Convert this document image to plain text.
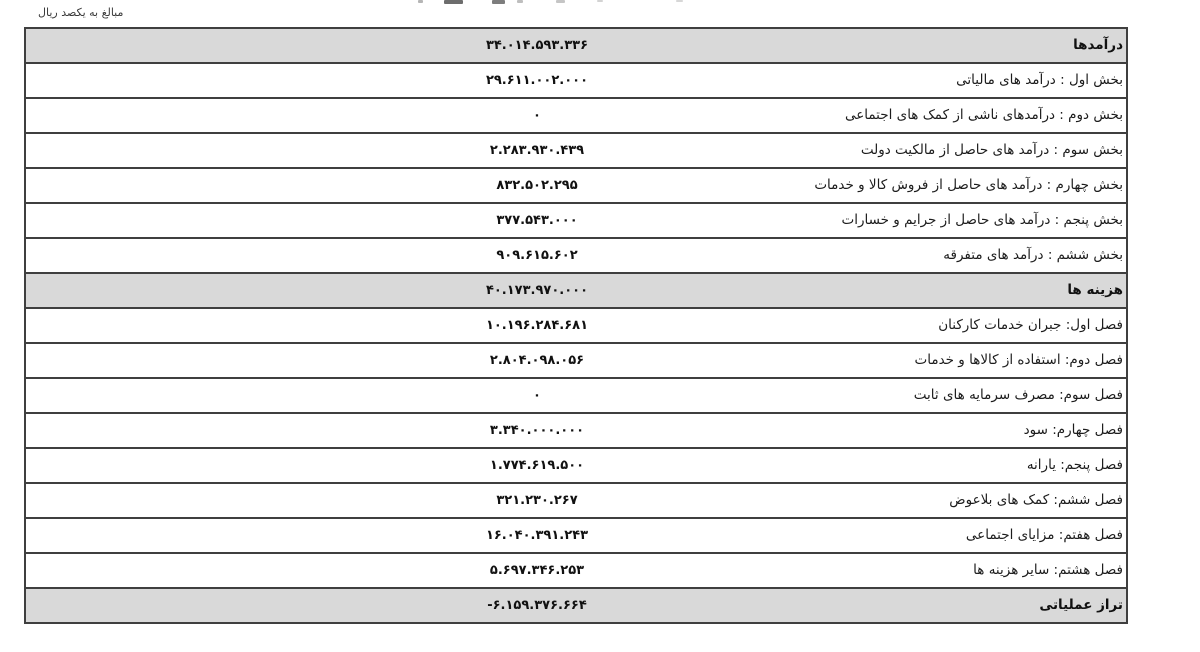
مبالغ به یکصد ریال
۳۴.۰۱۴.۵۹۳.۳۳۶	درآمدها
۲۹.۶۱۱.۰۰۲.۰۰۰	بخش اول : درآمد های مالیاتی
۰	بخش دوم : درآمدهای ناشی از کمک های اجتماعی
۲.۲۸۳.۹۳۰.۴۳۹	بخش سوم : درآمد های حاصل از مالکیت دولت
۸۳۲.۵۰۲.۲۹۵	بخش چهارم : درآمد های حاصل از فروش کالا و خدمات
۳۷۷.۵۴۳.۰۰۰	بخش پنجم : درآمد های حاصل از جرایم و خسارات
۹۰۹.۶۱۵.۶۰۲	بخش ششم : درآمد های متفرقه
۴۰.۱۷۳.۹۷۰.۰۰۰	هزینه ها
۱۰.۱۹۶.۲۸۴.۶۸۱	فصل اول: جبران خدمات کارکنان
۲.۸۰۴.۰۹۸.۰۵۶	فصل دوم: استفاده از کالاها و خدمات
۰	فصل سوم: مصرف سرمایه های ثابت
۳.۳۴۰.۰۰۰.۰۰۰	فصل چهارم: سود
۱.۷۷۴.۶۱۹.۵۰۰	فصل پنجم: یارانه
۳۲۱.۲۳۰.۲۶۷	فصل ششم: کمک های بلاعوض
۱۶.۰۴۰.۳۹۱.۲۴۳	فصل هفتم: مزایای اجتماعی
۵.۶۹۷.۳۴۶.۲۵۳	فصل هشتم: سایر هزینه ها
-۶.۱۵۹.۳۷۶.۶۶۴	تراز عملیاتی
